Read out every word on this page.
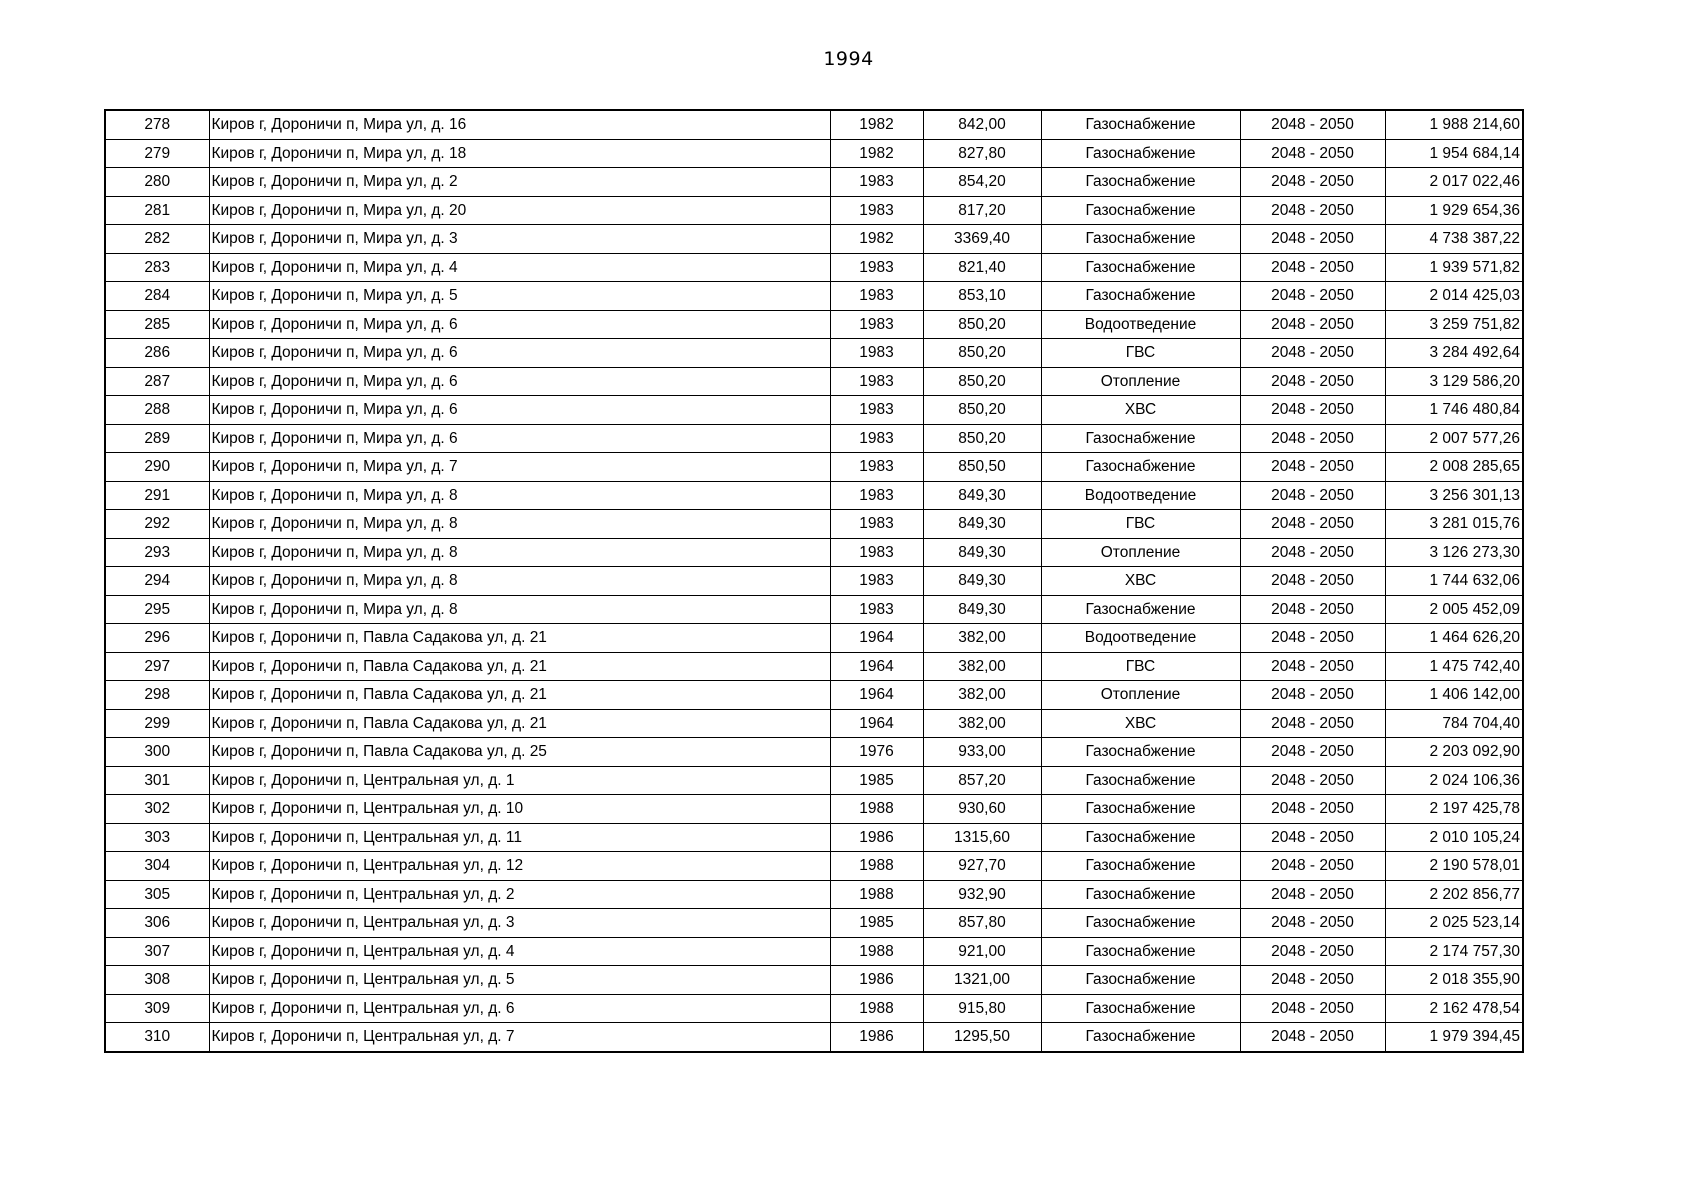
1994
278	Киров г, Дороничи п, Мира ул, д. 16	1982	842,00	Газоснабжение	2048 - 2050	1 988 214,60
279	Киров г, Дороничи п, Мира ул, д. 18	1982	827,80	Газоснабжение	2048 - 2050	1 954 684,14
280	Киров г, Дороничи п, Мира ул, д. 2	1983	854,20	Газоснабжение	2048 - 2050	2 017 022,46
281	Киров г, Дороничи п, Мира ул, д. 20	1983	817,20	Газоснабжение	2048 - 2050	1 929 654,36
282	Киров г, Дороничи п, Мира ул, д. 3	1982	3369,40	Газоснабжение	2048 - 2050	4 738 387,22
283	Киров г, Дороничи п, Мира ул, д. 4	1983	821,40	Газоснабжение	2048 - 2050	1 939 571,82
284	Киров г, Дороничи п, Мира ул, д. 5	1983	853,10	Газоснабжение	2048 - 2050	2 014 425,03
285	Киров г, Дороничи п, Мира ул, д. 6	1983	850,20	Водоотведение	2048 - 2050	3 259 751,82
286	Киров г, Дороничи п, Мира ул, д. 6	1983	850,20	ГВС	2048 - 2050	3 284 492,64
287	Киров г, Дороничи п, Мира ул, д. 6	1983	850,20	Отопление	2048 - 2050	3 129 586,20
288	Киров г, Дороничи п, Мира ул, д. 6	1983	850,20	ХВС	2048 - 2050	1 746 480,84
289	Киров г, Дороничи п, Мира ул, д. 6	1983	850,20	Газоснабжение	2048 - 2050	2 007 577,26
290	Киров г, Дороничи п, Мира ул, д. 7	1983	850,50	Газоснабжение	2048 - 2050	2 008 285,65
291	Киров г, Дороничи п, Мира ул, д. 8	1983	849,30	Водоотведение	2048 - 2050	3 256 301,13
292	Киров г, Дороничи п, Мира ул, д. 8	1983	849,30	ГВС	2048 - 2050	3 281 015,76
293	Киров г, Дороничи п, Мира ул, д. 8	1983	849,30	Отопление	2048 - 2050	3 126 273,30
294	Киров г, Дороничи п, Мира ул, д. 8	1983	849,30	ХВС	2048 - 2050	1 744 632,06
295	Киров г, Дороничи п, Мира ул, д. 8	1983	849,30	Газоснабжение	2048 - 2050	2 005 452,09
296	Киров г, Дороничи п, Павла Садакова ул, д. 21	1964	382,00	Водоотведение	2048 - 2050	1 464 626,20
297	Киров г, Дороничи п, Павла Садакова ул, д. 21	1964	382,00	ГВС	2048 - 2050	1 475 742,40
298	Киров г, Дороничи п, Павла Садакова ул, д. 21	1964	382,00	Отопление	2048 - 2050	1 406 142,00
299	Киров г, Дороничи п, Павла Садакова ул, д. 21	1964	382,00	ХВС	2048 - 2050	784 704,40
300	Киров г, Дороничи п, Павла Садакова ул, д. 25	1976	933,00	Газоснабжение	2048 - 2050	2 203 092,90
301	Киров г, Дороничи п, Центральная ул, д. 1	1985	857,20	Газоснабжение	2048 - 2050	2 024 106,36
302	Киров г, Дороничи п, Центральная ул, д. 10	1988	930,60	Газоснабжение	2048 - 2050	2 197 425,78
303	Киров г, Дороничи п, Центральная ул, д. 11	1986	1315,60	Газоснабжение	2048 - 2050	2 010 105,24
304	Киров г, Дороничи п, Центральная ул, д. 12	1988	927,70	Газоснабжение	2048 - 2050	2 190 578,01
305	Киров г, Дороничи п, Центральная ул, д. 2	1988	932,90	Газоснабжение	2048 - 2050	2 202 856,77
306	Киров г, Дороничи п, Центральная ул, д. 3	1985	857,80	Газоснабжение	2048 - 2050	2 025 523,14
307	Киров г, Дороничи п, Центральная ул, д. 4	1988	921,00	Газоснабжение	2048 - 2050	2 174 757,30
308	Киров г, Дороничи п, Центральная ул, д. 5	1986	1321,00	Газоснабжение	2048 - 2050	2 018 355,90
309	Киров г, Дороничи п, Центральная ул, д. 6	1988	915,80	Газоснабжение	2048 - 2050	2 162 478,54
310	Киров г, Дороничи п, Центральная ул, д. 7	1986	1295,50	Газоснабжение	2048 - 2050	1 979 394,45
